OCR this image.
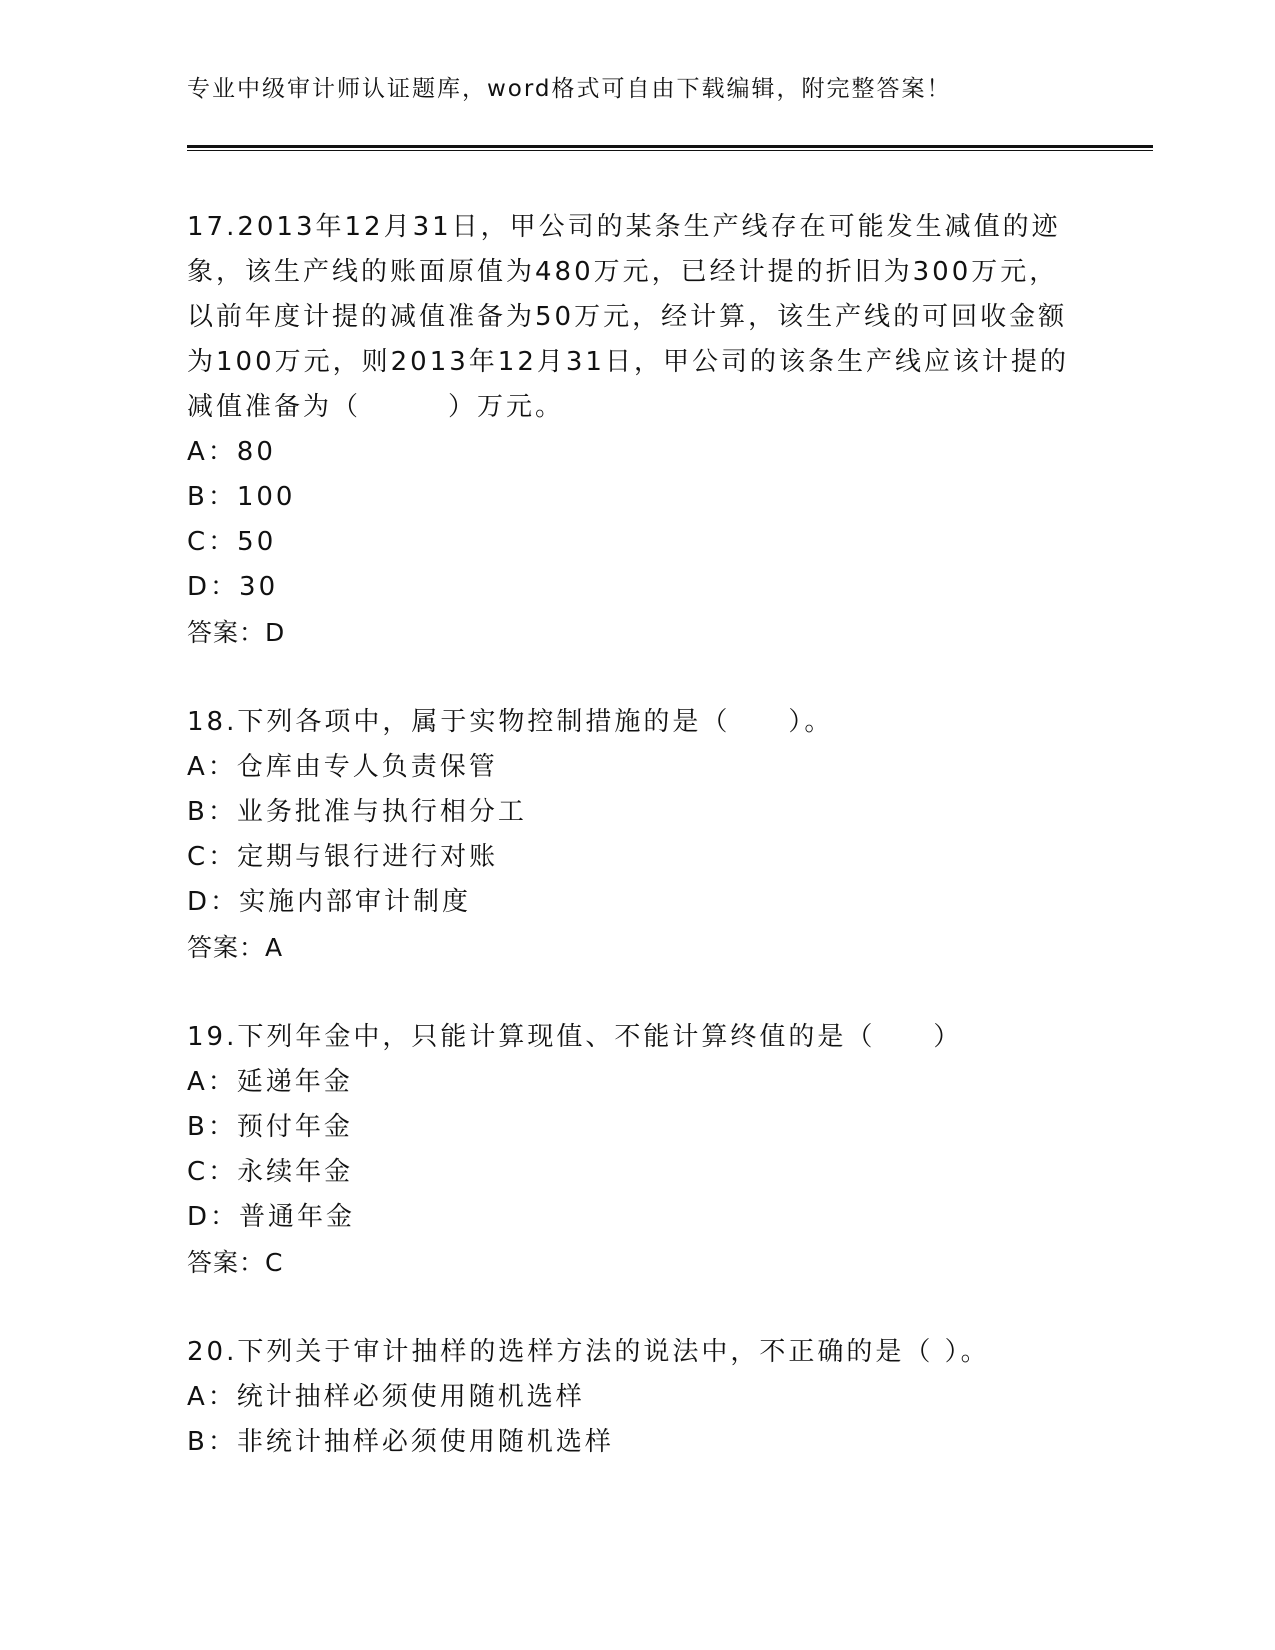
专业中级审计师认证题库，word格式可自由下载编辑，附完整答案！
17.2013年12月31日，甲公司的某条生产线存在可能发生减值的迹象，该生产线的账面原值为480万元，已经计提的折旧为300万元，以前年度计提的减值准备为50万元，经计算，该生产线的可回收金额为100万元，则2013年12月31日，甲公司的该条生产线应该计提的减值准备为（　　　）万元。
A：80
B：100
C：50
D：30
答案：D
18.下列各项中，属于实物控制措施的是（　　）。
A：仓库由专人负责保管
B：业务批准与执行相分工
C：定期与银行进行对账
D：实施内部审计制度
答案：A
19.下列年金中，只能计算现值、不能计算终值的是（　　）
A：延递年金
B：预付年金
C：永续年金
D：普通年金
答案：C
20.下列关于审计抽样的选样方法的说法中，不正确的是（ ）。
A：统计抽样必须使用随机选样
B：非统计抽样必须使用随机选样
